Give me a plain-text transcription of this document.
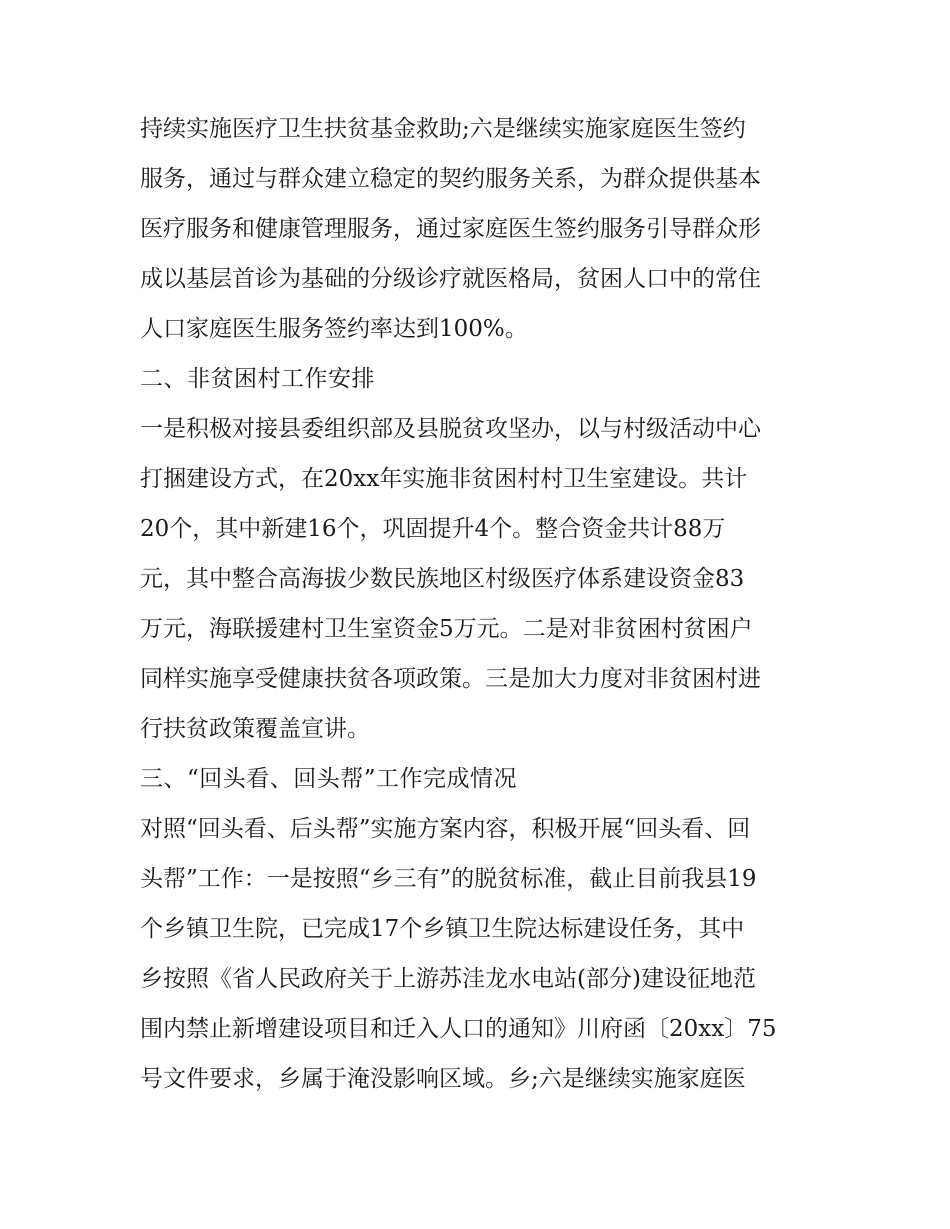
持续实施医疗卫生扶贫基金救助;六是继续实施家庭医生签约
服务，通过与群众建立稳定的契约服务关系，为群众提供基本
医疗服务和健康管理服务，通过家庭医生签约服务引导群众形
成以基层首诊为基础的分级诊疗就医格局，贫困人口中的常住
人口家庭医生服务签约率达到100%。
二、非贫困村工作安排
一是积极对接县委组织部及县脱贫攻坚办，以与村级活动中心
打捆建设方式，在20xx年实施非贫困村村卫生室建设。共计
20个，其中新建16个，巩固提升4个。整合资金共计88万
元，其中整合高海拔少数民族地区村级医疗体系建设资金83
万元，海联援建村卫生室资金5万元。二是对非贫困村贫困户
同样实施享受健康扶贫各项政策。三是加大力度对非贫困村进
行扶贫政策覆盖宣讲。
三、“回头看、回头帮”工作完成情况
对照“回头看、后头帮”实施方案内容，积极开展“回头看、回
头帮”工作：一是按照“乡三有”的脱贫标准，截止目前我县19
个乡镇卫生院，已完成17个乡镇卫生院达标建设任务，其中
乡按照《省人民政府关于上游苏洼龙水电站(部分)建设征地范
围内禁止新增建设项目和迁入人口的通知》川府函〔20xx〕75
号文件要求，乡属于淹没影响区域。乡;六是继续实施家庭医
